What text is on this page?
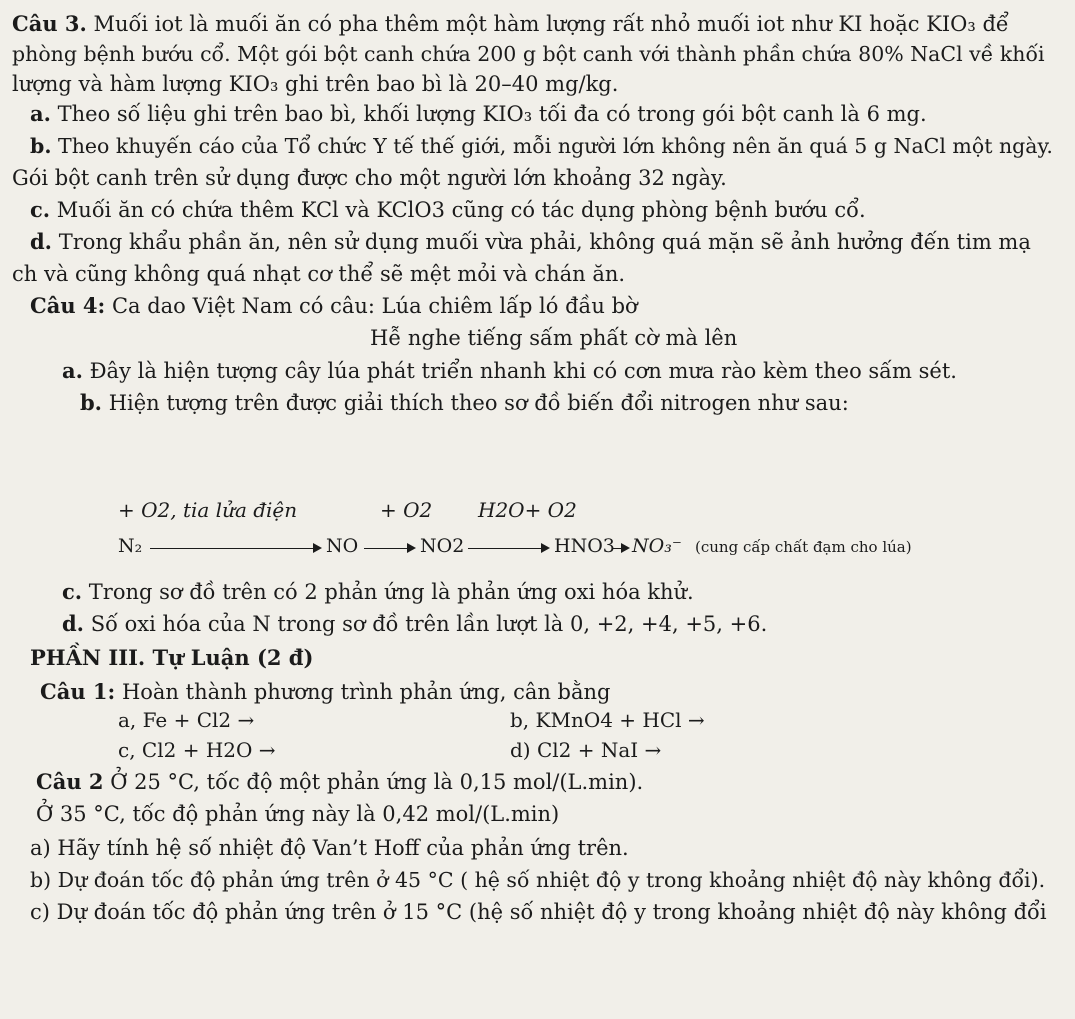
Câu 3. Muối iot là muối ăn có pha thêm một hàm lượng rất nhỏ muối iot như KI hoặc KIO₃ để
phòng bệnh bướu cổ. Một gói bột canh chứa 200 g bột canh với thành phần chứa 80% NaCl về khối
lượng và hàm lượng KIO₃ ghi trên bao bì là 20–40 mg/kg.
a. Theo số liệu ghi trên bao bì, khối lượng KIO₃ tối đa có trong gói bột canh là 6 mg.
b. Theo khuyến cáo của Tổ chức Y tế thế giới, mỗi người lớn không nên ăn quá 5 g NaCl một ngày.
Gói bột canh trên sử dụng được cho một người lớn khoảng 32 ngày.
c. Muối ăn có chứa thêm KCl và KClO3 cũng có tác dụng phòng bệnh bướu cổ.
d. Trong khẩu phần ăn, nên sử dụng muối vừa phải, không quá mặn sẽ ảnh hưởng đến tim mạ
ch và cũng không quá nhạt cơ thể sẽ mệt mỏi và chán ăn.
Câu 4: Ca dao Việt Nam có câu: Lúa chiêm lấp ló đầu bờ
Hễ nghe tiếng sấm phất cờ mà lên
a. Đây là hiện tượng cây lúa phát triển nhanh khi có cơn mưa rào kèm theo sấm sét.
b. Hiện tượng trên được giải thích theo sơ đồ biến đổi nitrogen như sau:
+ O2, tia lửa điện	+ O2 H2O+ O2
N₂	NO	NO2	HNO3 NO₃⁻ (cung cấp chất đạm cho lúa)
c. Trong sơ đồ trên có 2 phản ứng là phản ứng oxi hóa khử.
d. Số oxi hóa của N trong sơ đồ trên lần lượt là 0, +2, +4, +5, +6.
PHẦN III. Tự Luận (2 đ)
Câu 1: Hoàn thành phương trình phản ứng, cân bằng
a, Fe + Cl2 →	b, KMnO4 + HCl →
c, Cl2 + H2O →	d) Cl2 + NaI →
Câu 2 Ở 25 °C, tốc độ một phản ứng là 0,15 mol/(L.min).
Ở 35 °C, tốc độ phản ứng này là 0,42 mol/(L.min)
a) Hãy tính hệ số nhiệt độ Van’t Hoff của phản ứng trên.
b) Dự đoán tốc độ phản ứng trên ở 45 °C ( hệ số nhiệt độ y trong khoảng nhiệt độ này không đổi).
c) Dự đoán tốc độ phản ứng trên ở 15 °C (hệ số nhiệt độ y trong khoảng nhiệt độ này không đổi
